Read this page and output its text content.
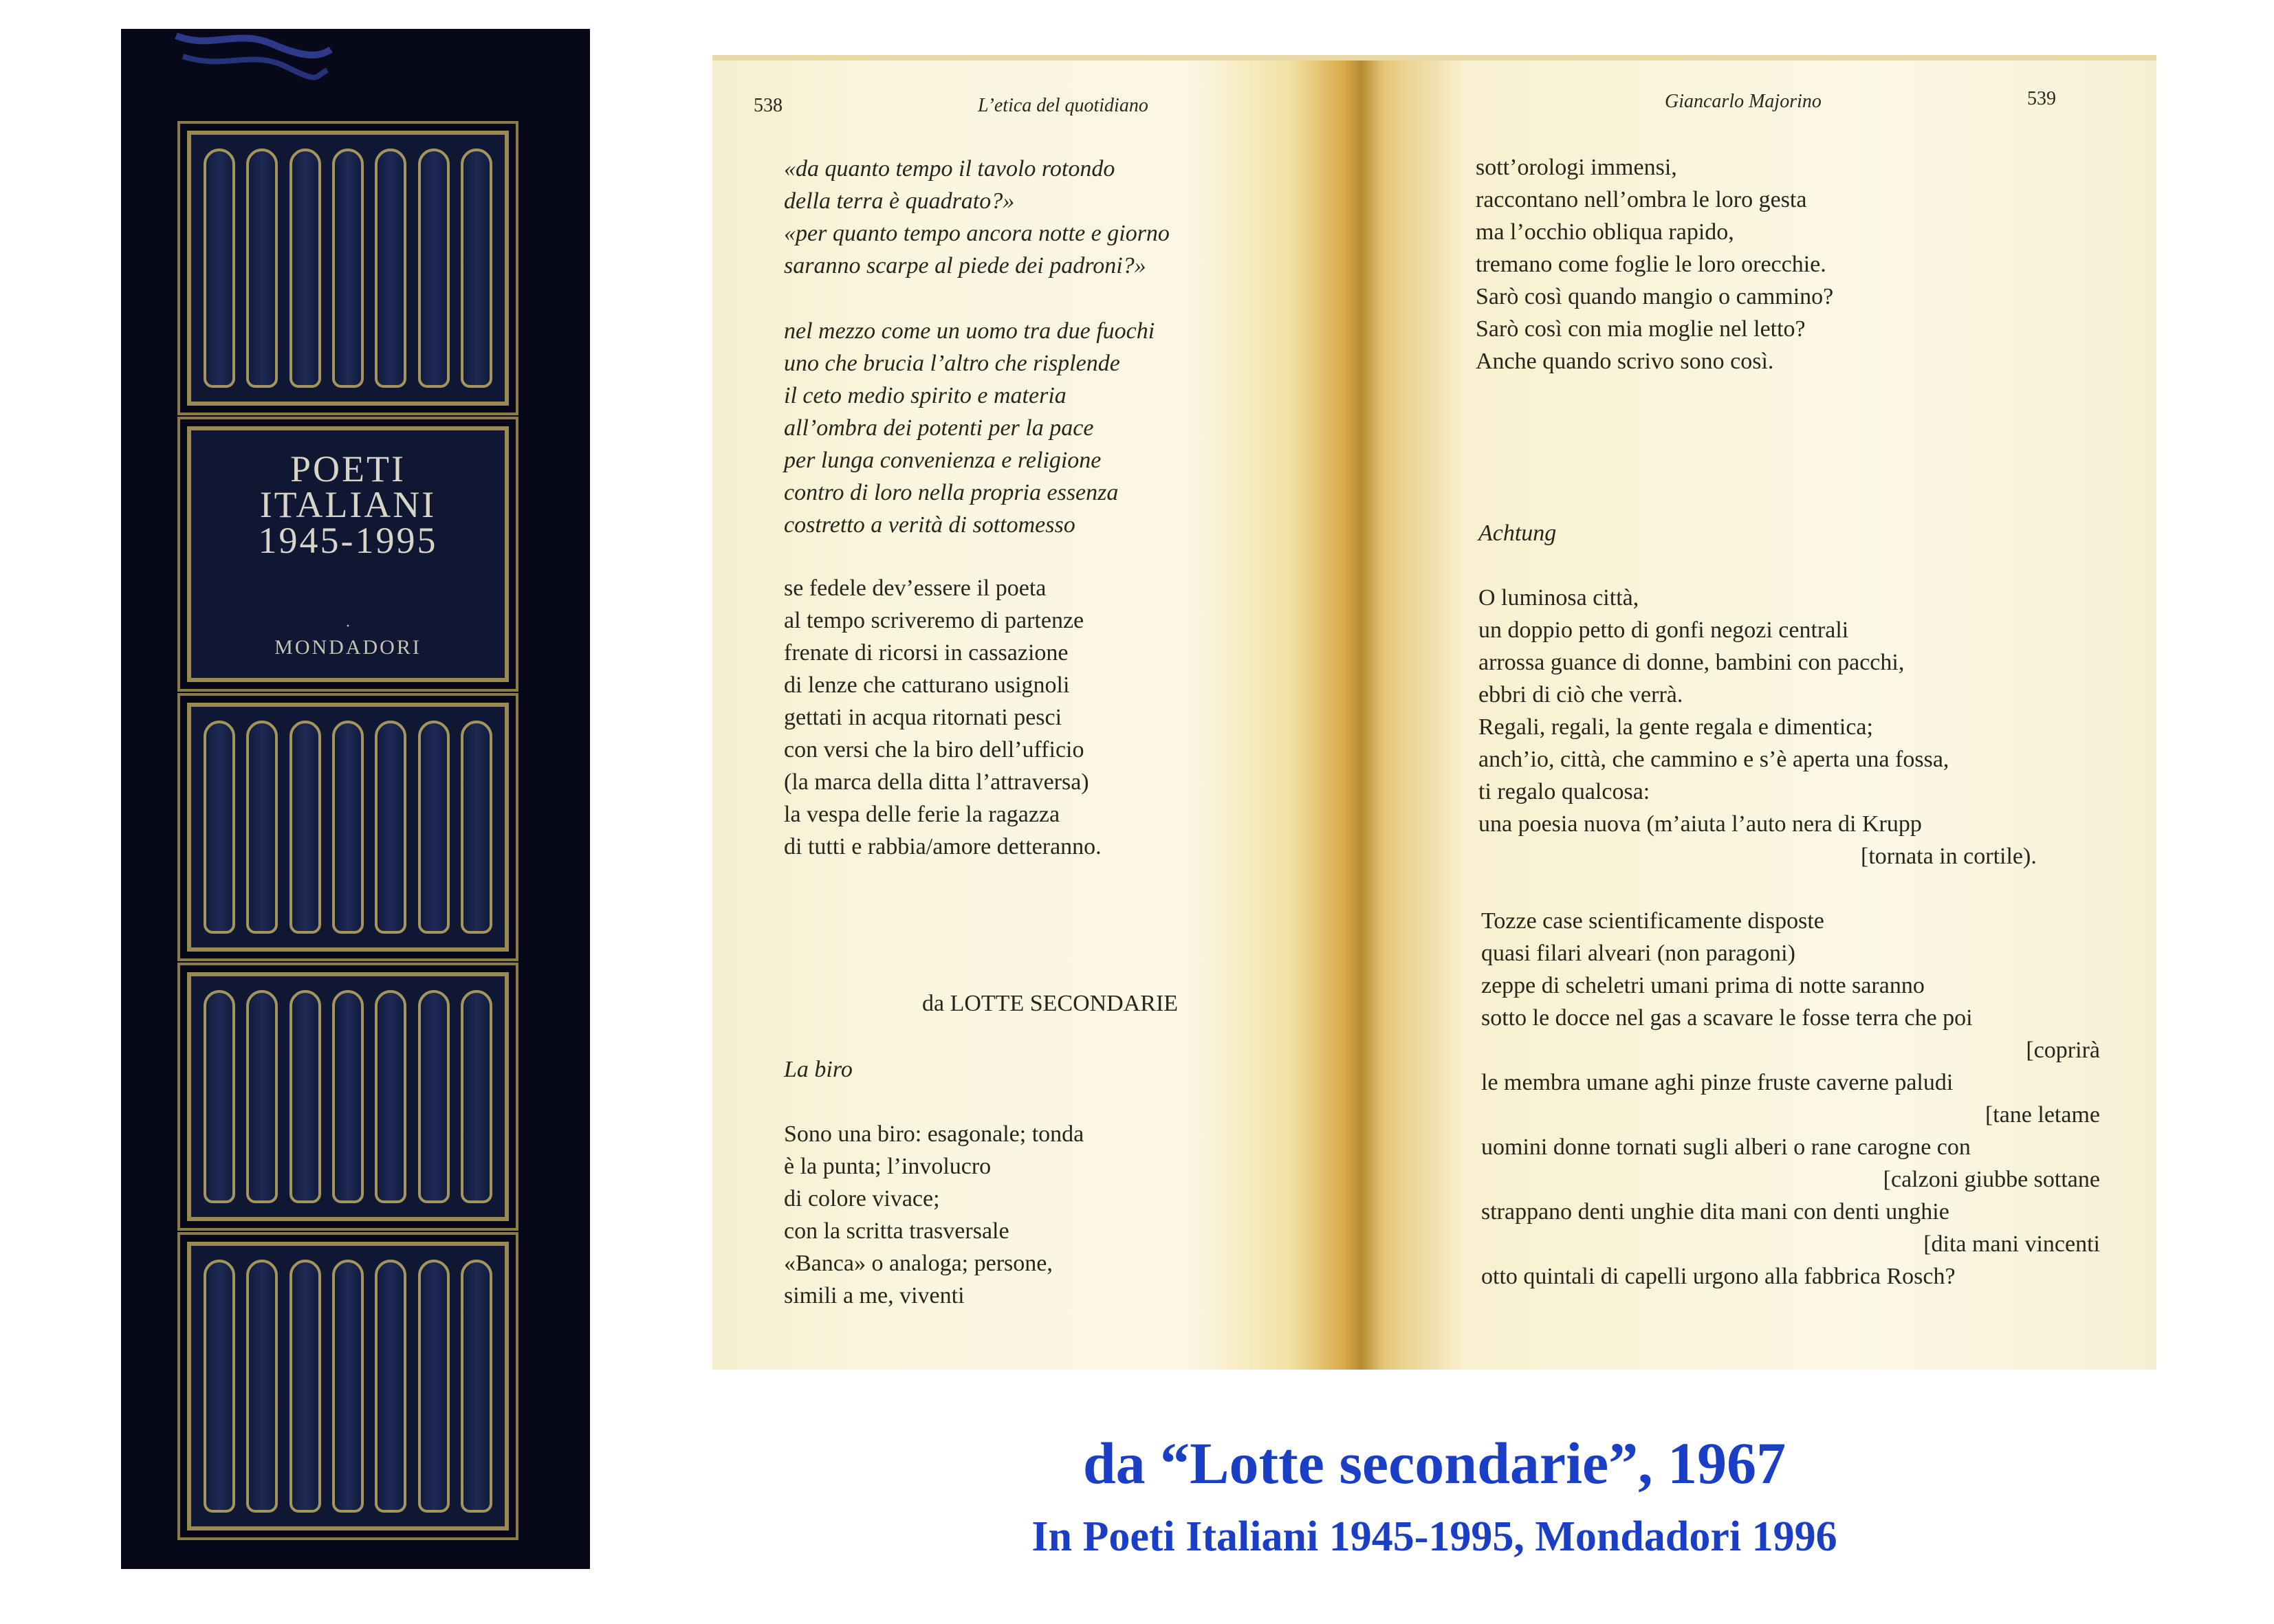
POETI
ITALIANI
1945-1995
·
MONDADORI
538	L’etica del quotidiano
«da quanto tempo il tavolo rotondo
della terra è quadrato?»
«per quanto tempo ancora notte e giorno
saranno scarpe al piede dei padroni?»
nel mezzo come un uomo tra due fuochi
uno che brucia l’altro che risplende
il ceto medio spirito e materia
all’ombra dei potenti per la pace
per lunga convenienza e religione
contro di loro nella propria essenza
costretto a verità di sottomesso
se fedele dev’essere il poeta
al tempo scriveremo di partenze
frenate di ricorsi in cassazione
di lenze che catturano usignoli
gettati in acqua ritornati pesci
con versi che la biro dell’ufficio
(la marca della ditta l’attraversa)
la vespa delle ferie la ragazza
di tutti e rabbia/amore detteranno.
da LOTTE SECONDARIE
La biro
Sono una biro: esagonale; tonda
è la punta; l’involucro
di colore vivace;
con la scritta trasversale
«Banca» o analoga; persone,
simili a me, viventi
Giancarlo Majorino	539
sott’orologi immensi,
raccontano nell’ombra le loro gesta
ma l’occhio obliqua rapido,
tremano come foglie le loro orecchie.
Sarò così quando mangio o cammino?
Sarò così con mia moglie nel letto?
Anche quando scrivo sono così.
Achtung
O luminosa città,
un doppio petto di gonfi negozi centrali
arrossa guance di donne, bambini con pacchi,
ebbri di ciò che verrà.
Regali, regali, la gente regala e dimentica;
anch’io, città, che cammino e s’è aperta una fossa,
ti regalo qualcosa:
una poesia nuova (m’aiuta l’auto nera di Krupp
[tornata in cortile).
Tozze case scientificamente disposte
quasi filari alveari (non paragoni)
zeppe di scheletri umani prima di notte saranno
sotto le docce nel gas a scavare le fosse terra che poi
[coprirà
le membra umane aghi pinze fruste caverne paludi
[tane letame
uomini donne tornati sugli alberi o rane carogne con
[calzoni giubbe sottane
strappano denti unghie dita mani con denti unghie
[dita mani vincenti
otto quintali di capelli urgono alla fabbrica Rosch?
da “Lotte secondarie”, 1967
In Poeti Italiani 1945-1995, Mondadori 1996
